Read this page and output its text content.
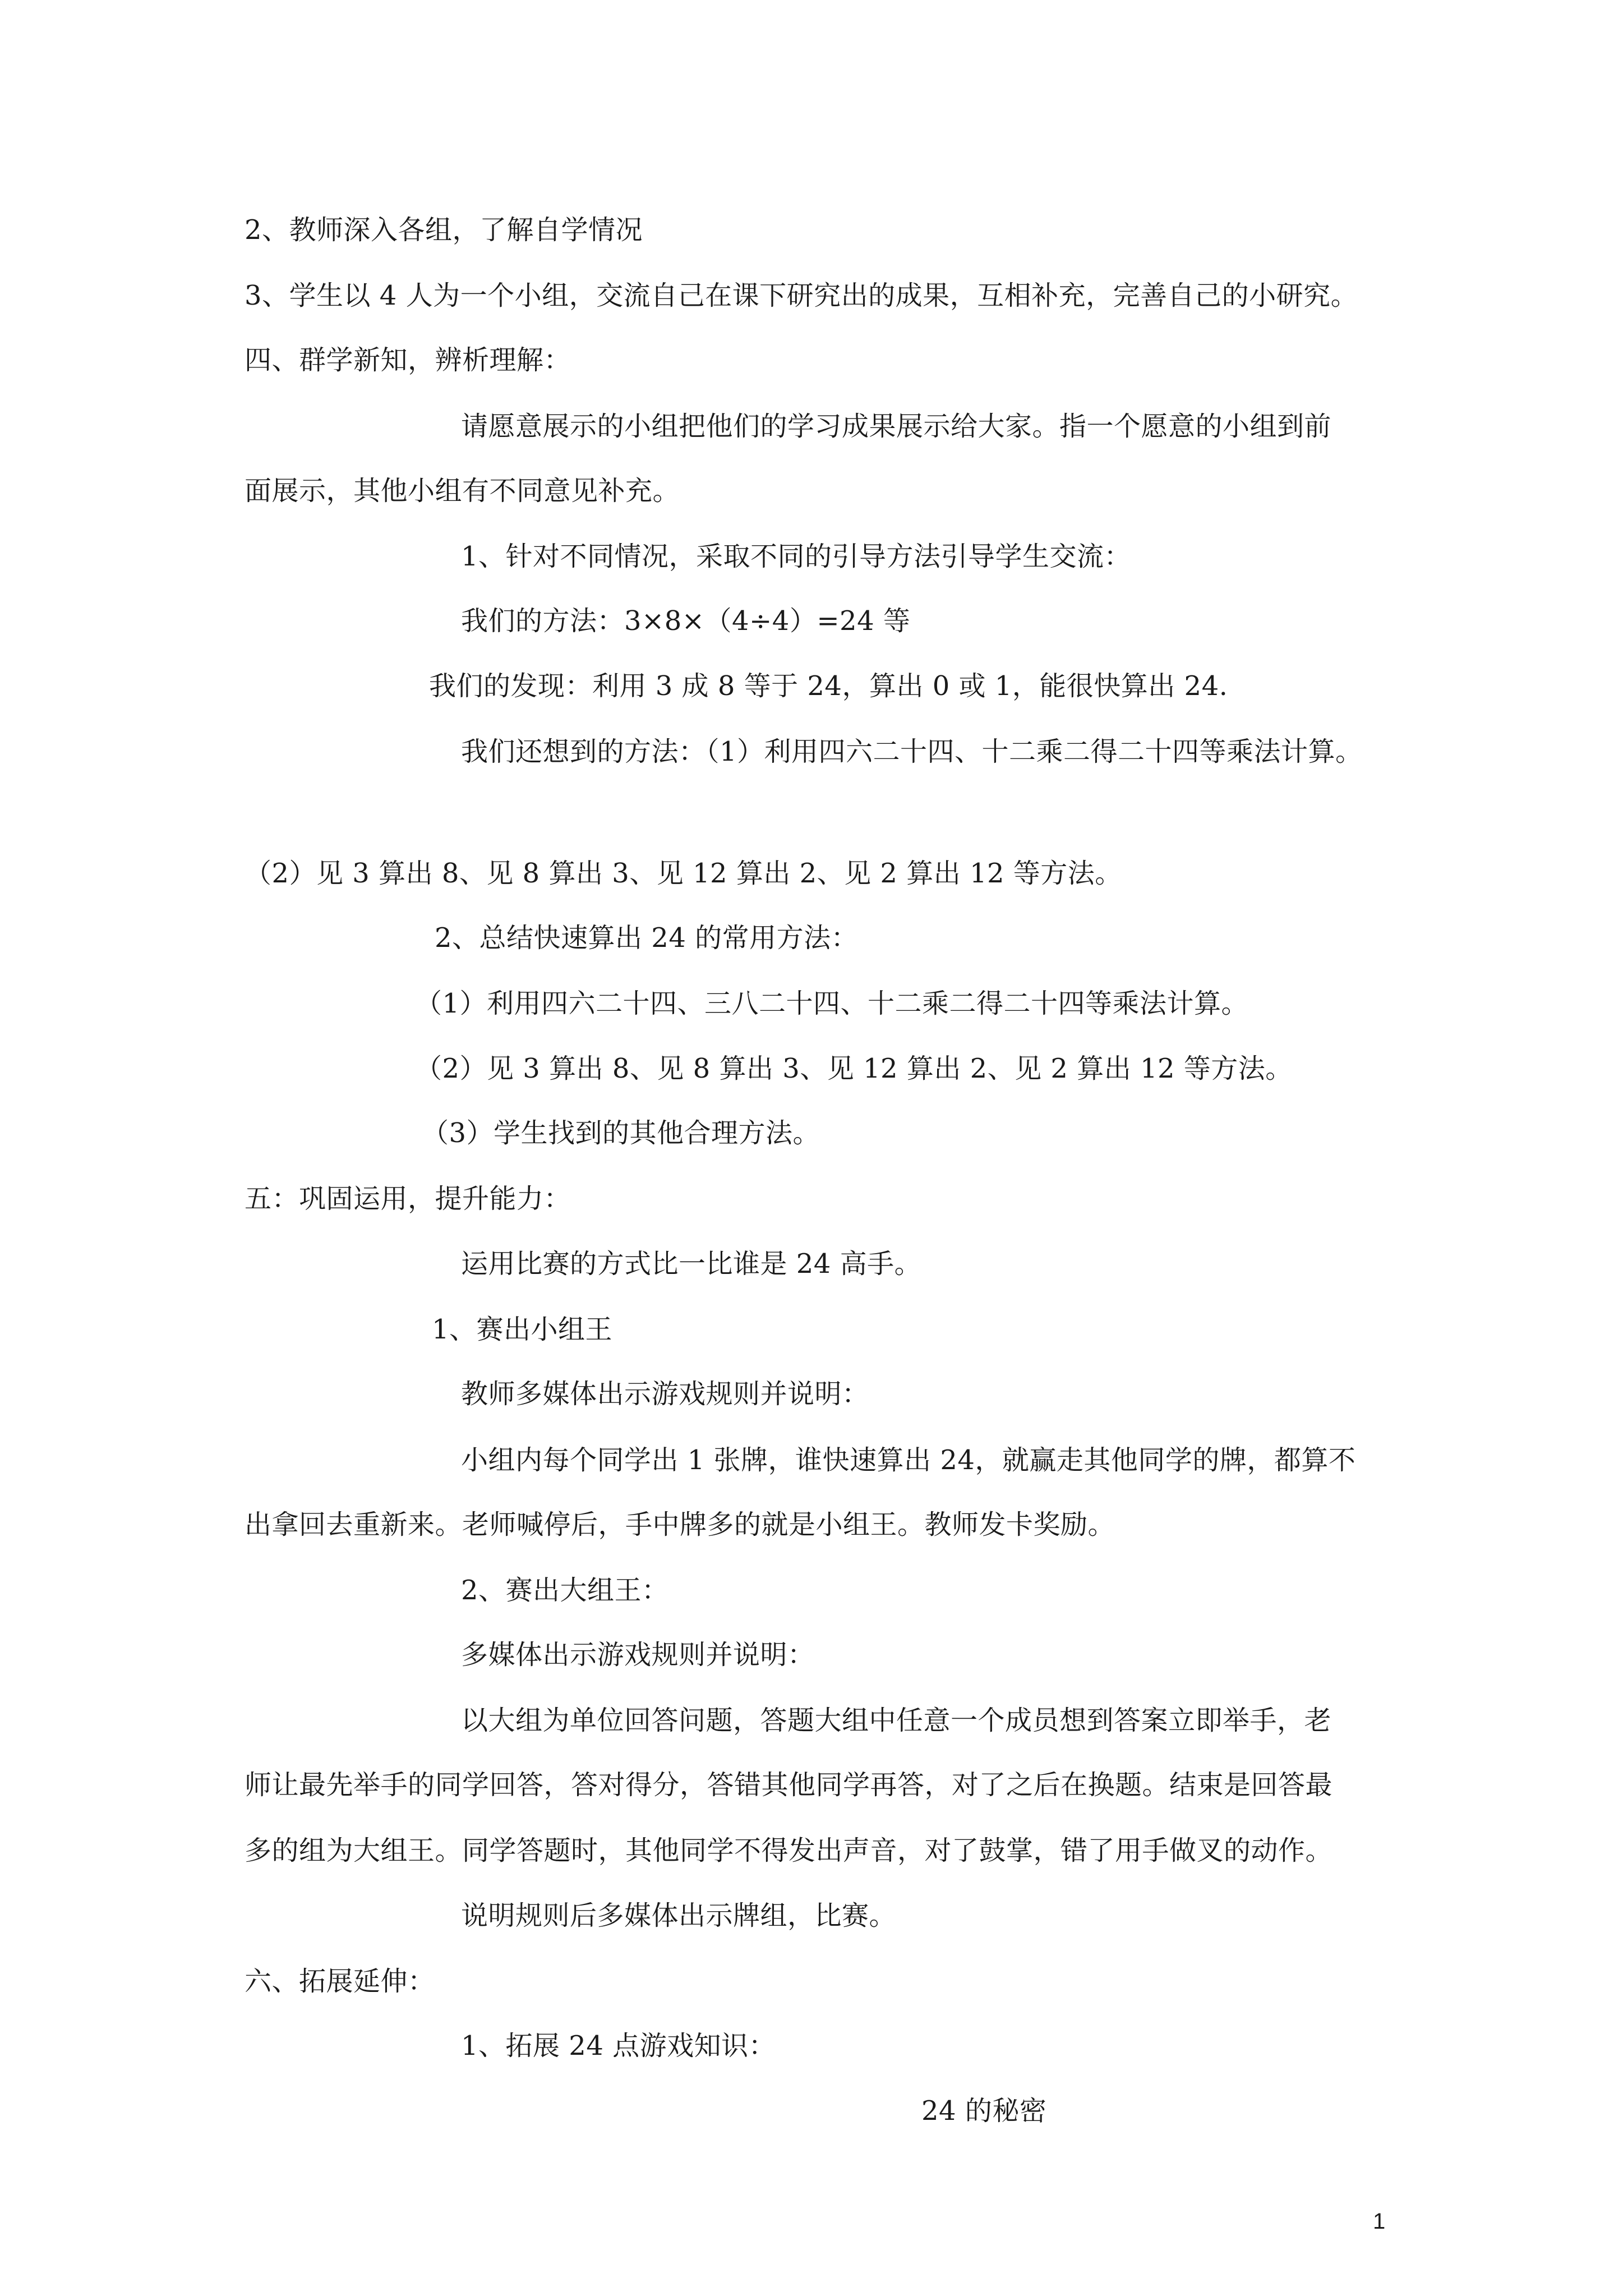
2、教师深入各组，了解自学情况
3、学生以 4 人为一个小组，交流自己在课下研究出的成果，互相补充，完善自己的小研究。
四、群学新知，辨析理解：
请愿意展示的小组把他们的学习成果展示给大家。指一个愿意的小组到前
面展示，其他小组有不同意见补充。
1、针对不同情况，采取不同的引导方法引导学生交流：
我们的方法：3×8×（4÷4）=24 等
我们的发现：利用 3 成 8 等于 24，算出 0 或 1，能很快算出 24.
我们还想到的方法：（1）利用四六二十四、十二乘二得二十四等乘法计算。
（2）见 3 算出 8、见 8 算出 3、见 12 算出 2、见 2 算出 12 等方法。
2、总结快速算出 24 的常用方法：
（1）利用四六二十四、三八二十四、十二乘二得二十四等乘法计算。
（2）见 3 算出 8、见 8 算出 3、见 12 算出 2、见 2 算出 12 等方法。
（3）学生找到的其他合理方法。
五：巩固运用，提升能力：
运用比赛的方式比一比谁是 24 高手。
1、赛出小组王
教师多媒体出示游戏规则并说明：
小组内每个同学出 1 张牌，谁快速算出 24，就赢走其他同学的牌，都算不
出拿回去重新来。老师喊停后，手中牌多的就是小组王。教师发卡奖励。
2、赛出大组王：
多媒体出示游戏规则并说明：
以大组为单位回答问题，答题大组中任意一个成员想到答案立即举手，老
师让最先举手的同学回答，答对得分，答错其他同学再答，对了之后在换题。结束是回答最
多的组为大组王。同学答题时，其他同学不得发出声音，对了鼓掌，错了用手做叉的动作。
说明规则后多媒体出示牌组，比赛。
六、拓展延伸：
1、拓展 24 点游戏知识：
24 的秘密
1
